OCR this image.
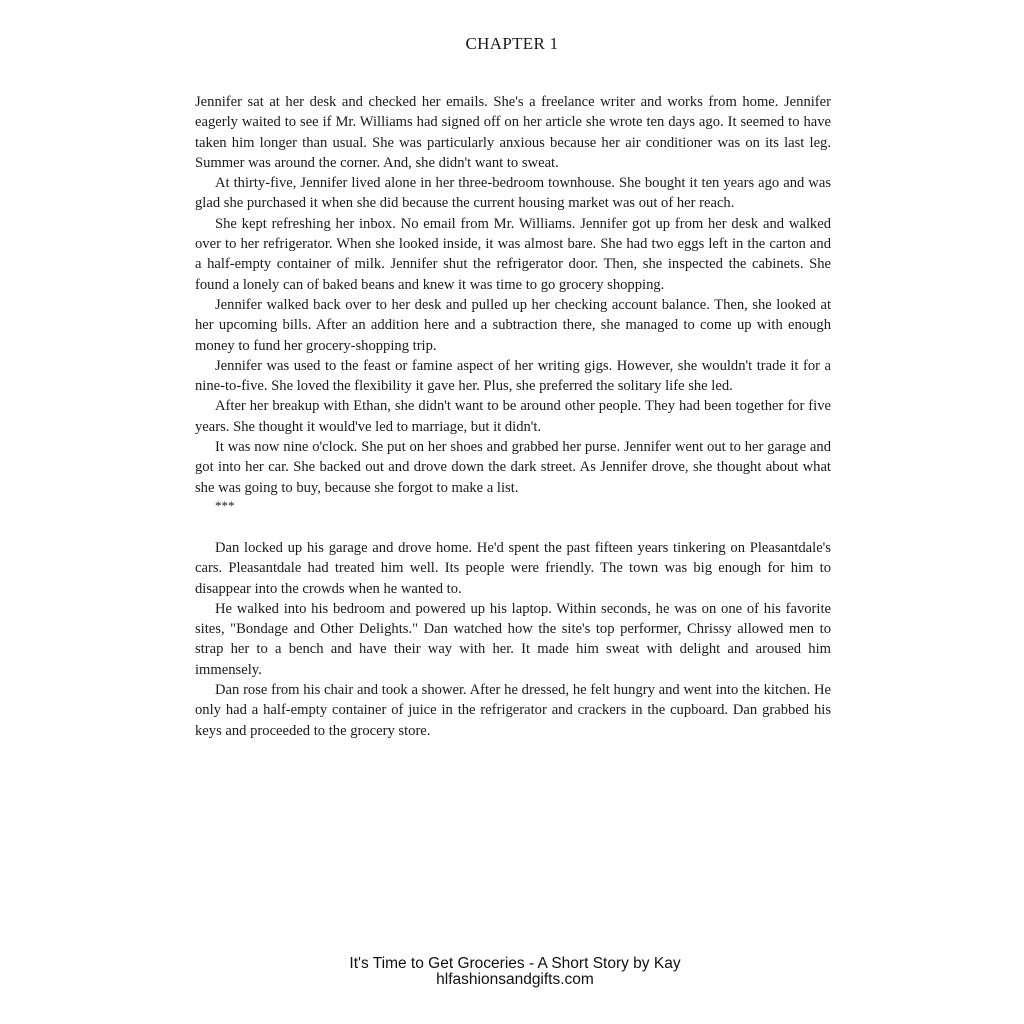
CHAPTER 1

Jennifer sat at her desk and checked her emails. She's a freelance writer and works from home. Jennifer eagerly waited to see if Mr. Williams had signed off on her article she wrote ten days ago. It seemed to have taken him longer than usual. She was particularly anxious because her air conditioner was on its last leg. Summer was around the corner. And, she didn't want to sweat.

At thirty-five, Jennifer lived alone in her three-bedroom townhouse. She bought it ten years ago and was glad she purchased it when she did because the current housing market was out of her reach.

She kept refreshing her inbox. No email from Mr. Williams. Jennifer got up from her desk and walked over to her refrigerator. When she looked inside, it was almost bare. She had two eggs left in the carton and a half-empty container of milk. Jennifer shut the refrigerator door. Then, she inspected the cabinets. She found a lonely can of baked beans and knew it was time to go grocery shopping.

Jennifer walked back over to her desk and pulled up her checking account balance. Then, she looked at her upcoming bills. After an addition here and a subtraction there, she managed to come up with enough money to fund her grocery-shopping trip.

Jennifer was used to the feast or famine aspect of her writing gigs. However, she wouldn't trade it for a nine-to-five. She loved the flexibility it gave her. Plus, she preferred the solitary life she led.

After her breakup with Ethan, she didn't want to be around other people. They had been together for five years. She thought it would've led to marriage, but it didn't.

It was now nine o'clock. She put on her shoes and grabbed her purse. Jennifer went out to her garage and got into her car. She backed out and drove down the dark street. As Jennifer drove, she thought about what she was going to buy, because she forgot to make a list.

***

Dan locked up his garage and drove home. He'd spent the past fifteen years tinkering on Pleasantdale's cars. Pleasantdale had treated him well. Its people were friendly. The town was big enough for him to disappear into the crowds when he wanted to.

He walked into his bedroom and powered up his laptop. Within seconds, he was on one of his favorite sites, "Bondage and Other Delights." Dan watched how the site's top performer, Chrissy allowed men to strap her to a bench and have their way with her. It made him sweat with delight and aroused him immensely.

Dan rose from his chair and took a shower. After he dressed, he felt hungry and went into the kitchen. He only had a half-empty container of juice in the refrigerator and crackers in the cupboard. Dan grabbed his keys and proceeded to the grocery store.

It's Time to Get Groceries - A Short Story by Kay
hlfashionsandgifts.com
